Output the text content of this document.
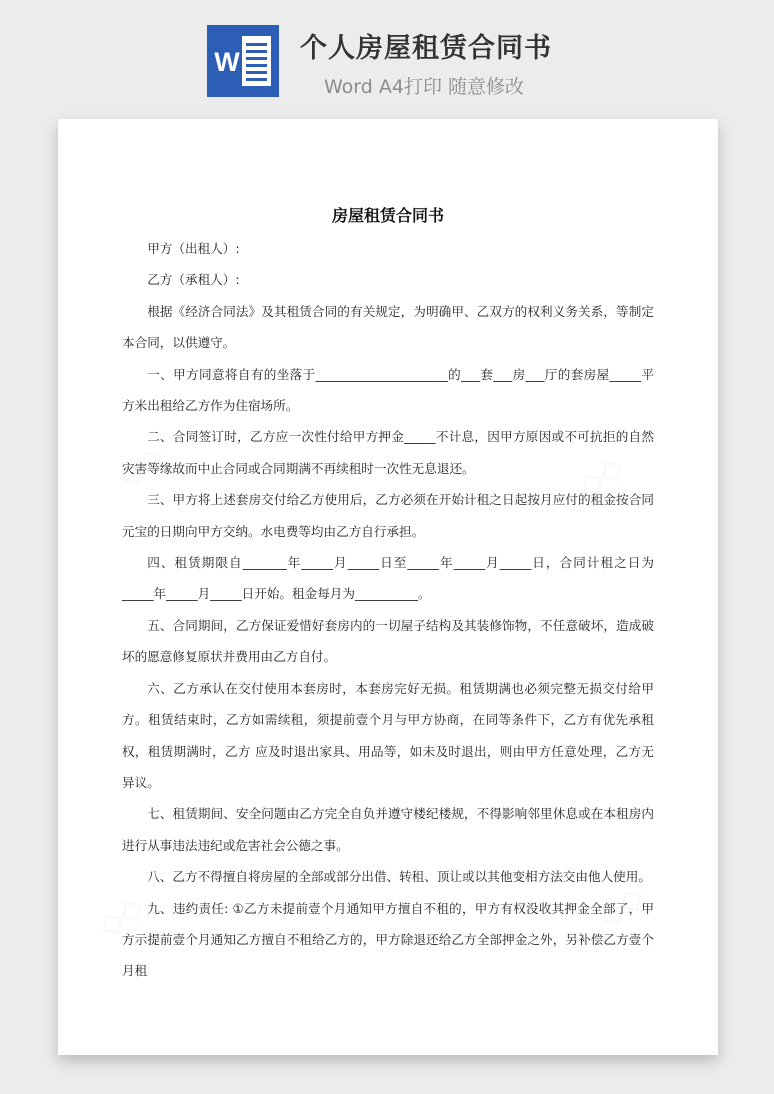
W 个人房屋租赁合同书
Word A4打印 随意修改
房屋租赁合同书

甲方（出租人）:

乙方（承租人）:

根据《经济合同法》及其租赁合同的有关规定，为明确甲、乙双方的权利义务关系，等制定本合同，以供遵守。

一、甲方同意将自有的坐落于_____________________的___套___房___厅的套房屋_____平方米出租给乙方作为住宿场所。

二、合同签订时，乙方应一次性付给甲方押金_____不计息，因甲方原因或不可抗拒的自然灾害等缘故而中止合同或合同期满不再续租时一次性无息退还。

三、甲方将上述套房交付给乙方使用后，乙方必须在开始计租之日起按月应付的租金按合同元宝的日期向甲方交纳。水电费等均由乙方自行承担。

四、租赁期限自_______年_____月_____日至_____年_____月_____日，合同计租之日为_____年_____月_____日开始。租金每月为__________。

五、合同期间，乙方保证爱惜好套房内的一切屋子结构及其装修饰物，不任意破坏，造成破坏的愿意修复原状并费用由乙方自付。

六、乙方承认在交付使用本套房时，本套房完好无损。租赁期满也必须完整无损交付给甲方。租赁结束时，乙方如需续租，须提前壹个月与甲方协商，在同等条件下，乙方有优先承租权，租赁期满时，乙方 应及时退出家具、用品等，如未及时退出，则由甲方任意处理，乙方无异议。

七、租赁期间、安全问题由乙方完全自负并遵守楼纪楼规，不得影响邻里休息或在本租房内进行从事违法违纪或危害社会公德之事。

八、乙方不得擅自将房屋的全部或部分出借、转租、顶让或以其他变相方法交由他人使用。

九、违约责任: ①乙方未提前壹个月通知甲方擅自不租的，甲方有权没收其押金全部了，甲方示提前壹个月通知乙方擅自不租给乙方的，甲方除退还给乙方全部押金之外，另补偿乙方壹个月租
